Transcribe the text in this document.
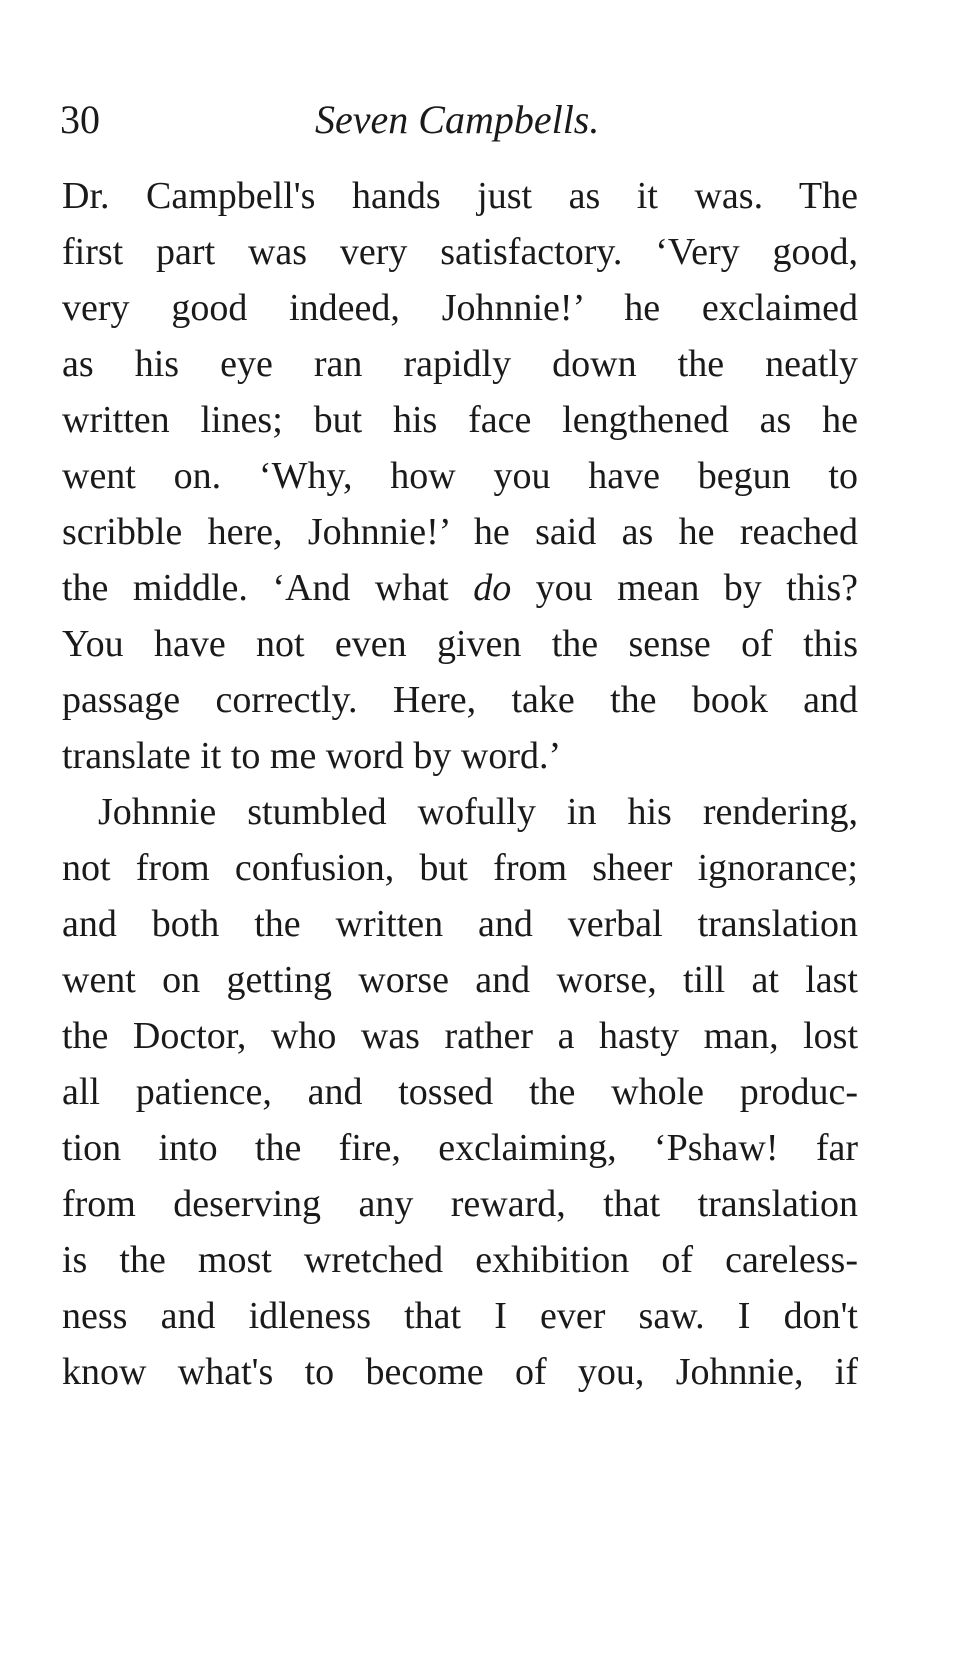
30	Seven Campbells.
Dr. Campbell's hands just as it was. The
first part was very satisfactory. ‘Very good,
very good indeed, Johnnie!’ he exclaimed
as his eye ran rapidly down the neatly
written lines; but his face lengthened as he
went on. ‘Why, how you have begun to
scribble here, Johnnie!’ he said as he reached
the middle. ‘And what do you mean by this?
You have not even given the sense of this
passage correctly. Here, take the book and
translate it to me word by word.’
Johnnie stumbled wofully in his rendering,
not from confusion, but from sheer ignorance;
and both the written and verbal translation
went on getting worse and worse, till at last
the Doctor, who was rather a hasty man, lost
all patience, and tossed the whole produc-
tion into the fire, exclaiming, ‘Pshaw! far
from deserving any reward, that translation
is the most wretched exhibition of careless-
ness and idleness that I ever saw. I don't
know what's to become of you, Johnnie, if
